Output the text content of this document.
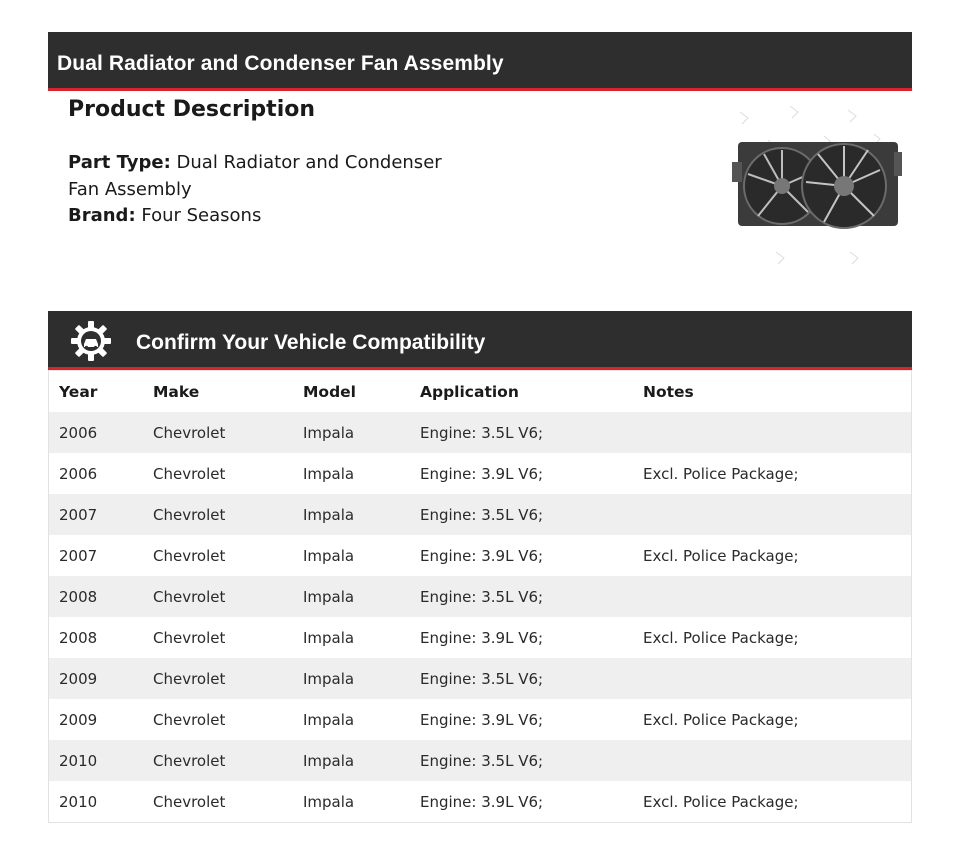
Dual Radiator and Condenser Fan Assembly
Product Description
Part Type: Dual Radiator and Condenser Fan Assembly
Brand: Four Seasons
Confirm Your Vehicle Compatibility
Year	Make	Model	Application	Notes
2006	Chevrolet	Impala	Engine: 3.5L V6;	
2006	Chevrolet	Impala	Engine: 3.9L V6;	Excl. Police Package;
2007	Chevrolet	Impala	Engine: 3.5L V6;	
2007	Chevrolet	Impala	Engine: 3.9L V6;	Excl. Police Package;
2008	Chevrolet	Impala	Engine: 3.5L V6;	
2008	Chevrolet	Impala	Engine: 3.9L V6;	Excl. Police Package;
2009	Chevrolet	Impala	Engine: 3.5L V6;	
2009	Chevrolet	Impala	Engine: 3.9L V6;	Excl. Police Package;
2010	Chevrolet	Impala	Engine: 3.5L V6;	
2010	Chevrolet	Impala	Engine: 3.9L V6;	Excl. Police Package;
